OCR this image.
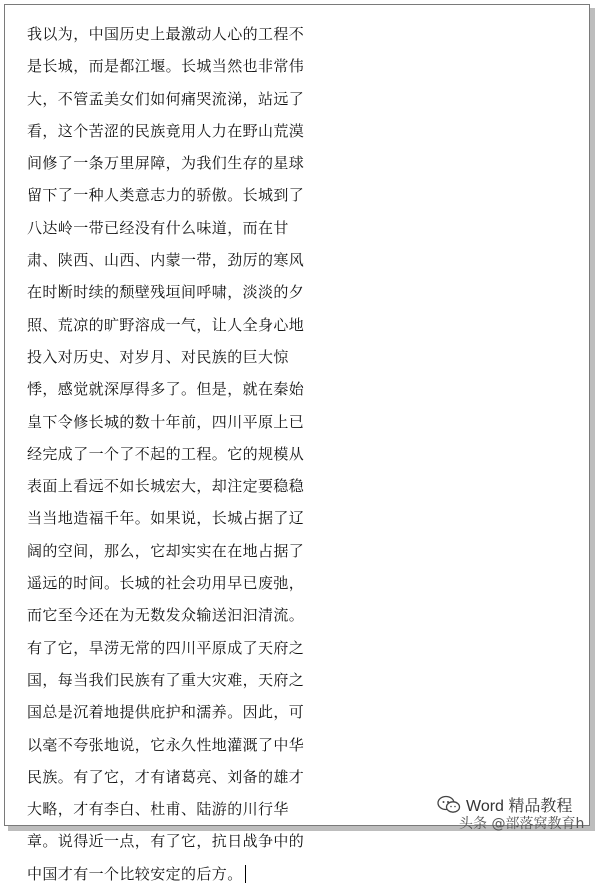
我以为，中国历史上最激动人心的工程不
是长城，而是都江堰。长城当然也非常伟
大，不管孟美女们如何痛哭流涕，站远了
看，这个苦涩的民族竟用人力在野山荒漠
间修了一条万里屏障，为我们生存的星球
留下了一种人类意志力的骄傲。长城到了
八达岭一带已经没有什么味道，而在甘
肃、陕西、山西、内蒙一带，劲厉的寒风
在时断时续的颓壁残垣间呼啸，淡淡的夕
照、荒凉的旷野溶成一气，让人全身心地
投入对历史、对岁月、对民族的巨大惊
悸，感觉就深厚得多了。但是，就在秦始
皇下令修长城的数十年前，四川平原上已
经完成了一个了不起的工程。它的规模从
表面上看远不如长城宏大，却注定要稳稳
当当地造福千年。如果说，长城占据了辽
阔的空间，那么，它却实实在在地占据了
遥远的时间。长城的社会功用早已废弛，
而它至今还在为无数发众输送汩汩清流。
有了它，旱涝无常的四川平原成了天府之
国，每当我们民族有了重大灾难，天府之
国总是沉着地提供庇护和濡养。因此，可
以毫不夸张地说，它永久性地灌溉了中华
民族。有了它，才有诸葛亮、刘备的雄才
大略，才有李白、杜甫、陆游的川行华
章。说得近一点，有了它，抗日战争中的
中国才有一个比较安定的后方。
Word 精品教程
头条 @部落窝教育h
